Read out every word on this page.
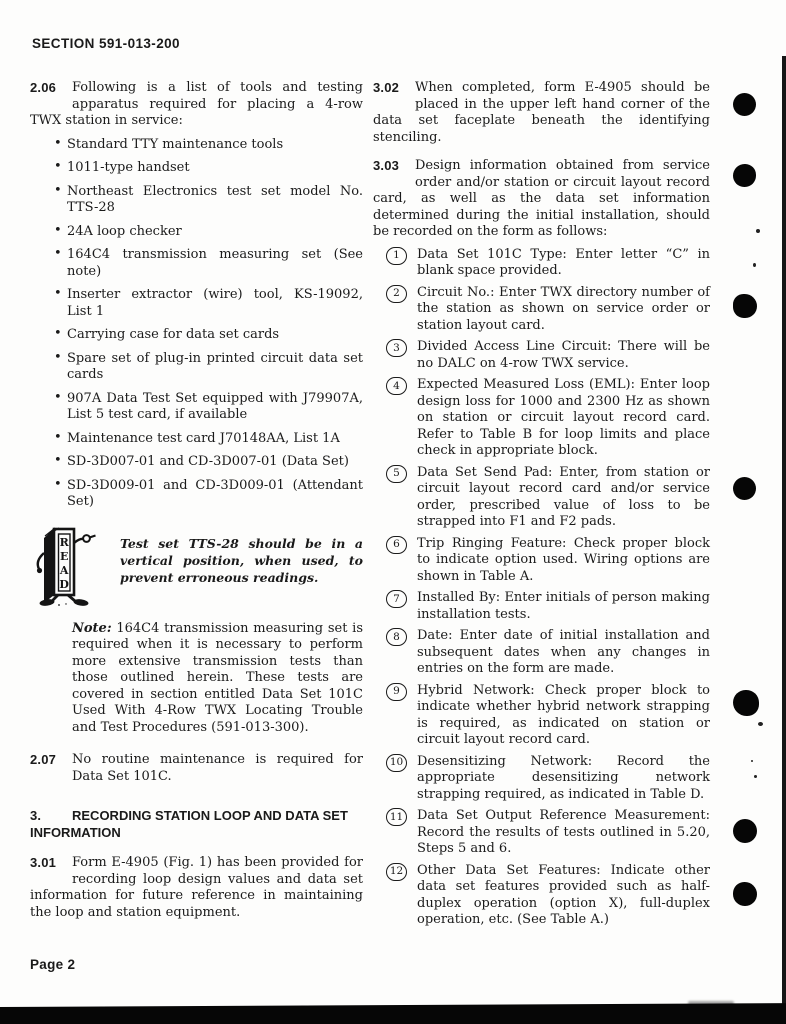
SECTION 591-013-200

2.06	Following is a list of tools and testing apparatus required for placing a 4-row TWX station in service:

• Standard TTY maintenance tools
• 1011-type handset
• Northeast Electronics test set model No. TTS-28
• 24A loop checker
• 164C4 transmission measuring set (See note)
• Inserter extractor (wire) tool, KS-19092, List 1
• Carrying case for data set cards
• Spare set of plug-in printed circuit data set cards
• 907A Data Test Set equipped with J79907A, List 5 test card, if available
• Maintenance test card J70148AA, List 1A
• SD-3D007-01 and CD-3D007-01 (Data Set)
• SD-3D009-01 and CD-3D009-01 (Attendant Set)
R
E
A
D
Test set TTS-28 should be in a vertical position, when used, to prevent erroneous readings.

Note: 164C4 transmission measuring set is required when it is necessary to perform more extensive transmission tests than those outlined herein. These tests are covered in section entitled Data Set 101C Used With 4-Row TWX Locating Trouble and Test Procedures (591-013-300).

2.07	No routine maintenance is required for Data Set 101C.

3.	RECORDING STATION LOOP AND DATA SET INFORMATION

3.01	Form E-4905 (Fig. 1) has been provided for recording loop design values and data set information for future reference in maintaining the loop and station equipment.

3.02	When completed, form E-4905 should be placed in the upper left hand corner of the data set faceplate beneath the identifying stenciling.

3.03	Design information obtained from service order and/or station or circuit layout record card, as well as the data set information determined during the initial installation, should be recorded on the form as follows:

1	Data Set 101C Type: Enter letter “C” in blank space provided.
2	Circuit No.: Enter TWX directory number of the station as shown on service order or station layout card.
3	Divided Access Line Circuit: There will be no DALC on 4-row TWX service.
4	Expected Measured Loss (EML): Enter loop design loss for 1000 and 2300 Hz as shown on station or circuit layout record card. Refer to Table B for loop limits and place check in appropriate block.
5	Data Set Send Pad: Enter, from station or circuit layout record card and/or service order, prescribed value of loss to be strapped into F1 and F2 pads.
6	Trip Ringing Feature: Check proper block to indicate option used. Wiring options are shown in Table A.
7	Installed By: Enter initials of person making installation tests.
8	Date: Enter date of initial installation and subsequent dates when any changes in entries on the form are made.
9	Hybrid Network: Check proper block to indicate whether hybrid network strapping is required, as indicated on station or circuit layout record card.
10 Desensitizing Network: Record the appropriate desensitizing network strapping required, as indicated in Table D.
11 Data Set Output Reference Measurement: Record the results of tests outlined in 5.20, Steps 5 and 6.
12 Other Data Set Features: Indicate other data set features provided such as half-duplex operation (option X), full-duplex operation, etc. (See Table A.)
Page 2
